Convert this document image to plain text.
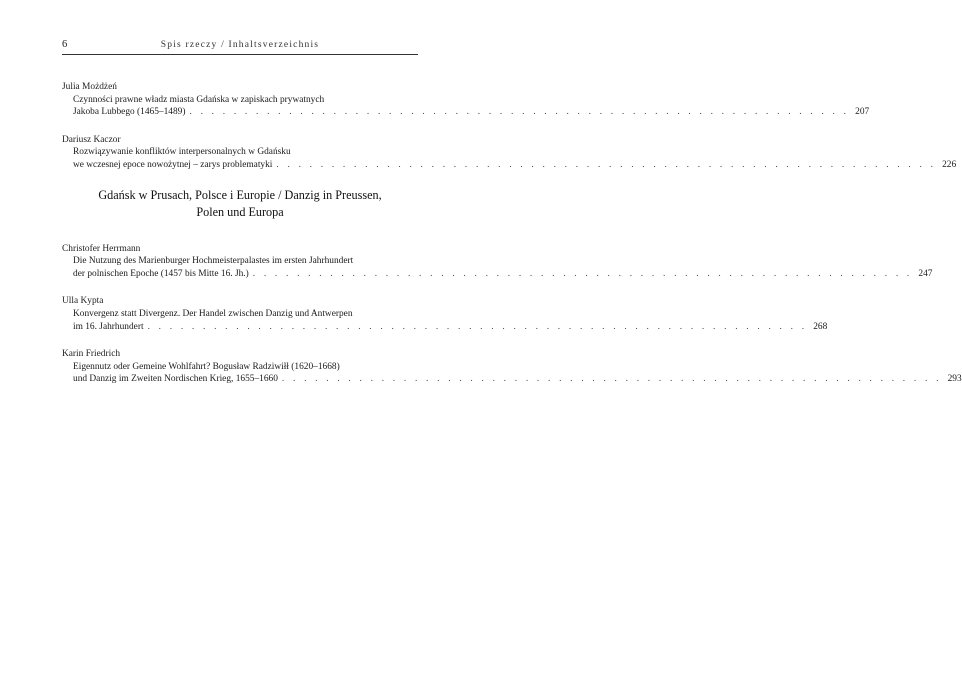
6	Spis rzeczy / Inhaltsverzeichnis
Julia Możdżeń
Czynności prawne władz miasta Gdańska w zapiskach prywatnych
Jakoba Lubbego (1465–1489) . . . . . . . . . . . . . . . . . . . . . . . . . . . . . . . . . . . . . . . . . . . . . . . . . . . . . . . . . . . . 207
Dariusz Kaczor
Rozwiązywanie konfliktów interpersonalnych w Gdańsku
we wczesnej epoce nowożytnej – zarys problematyki . . . . . . . . . . . . . . . . . . . . . . . . . . . . . . . . . . . . . . . . . . . . . . . . . . . . . . . . . . . . 226
Gdańsk w Prusach, Polsce i Europie / Danzig in Preussen,
Polen und Europa
Christofer Herrmann
Die Nutzung des Marienburger Hochmeisterpalastes im ersten Jahrhundert
der polnischen Epoche (1457 bis Mitte 16. Jh.) . . . . . . . . . . . . . . . . . . . . . . . . . . . . . . . . . . . . . . . . . . . . . . . . . . . . . . . . . . . . 247
Ulla Kypta
Konvergenz statt Divergenz. Der Handel zwischen Danzig und Antwerpen
im 16. Jahrhundert . . . . . . . . . . . . . . . . . . . . . . . . . . . . . . . . . . . . . . . . . . . . . . . . . . . . . . . . . . . . 268
Karin Friedrich
Eigennutz oder Gemeine Wohlfahrt? Bogusław Radziwiłł (1620–1668)
und Danzig im Zweiten Nordischen Krieg, 1655–1660 . . . . . . . . . . . . . . . . . . . . . . . . . . . . . . . . . . . . . . . . . . . . . . . . . . . . . . . . . . . . 293
